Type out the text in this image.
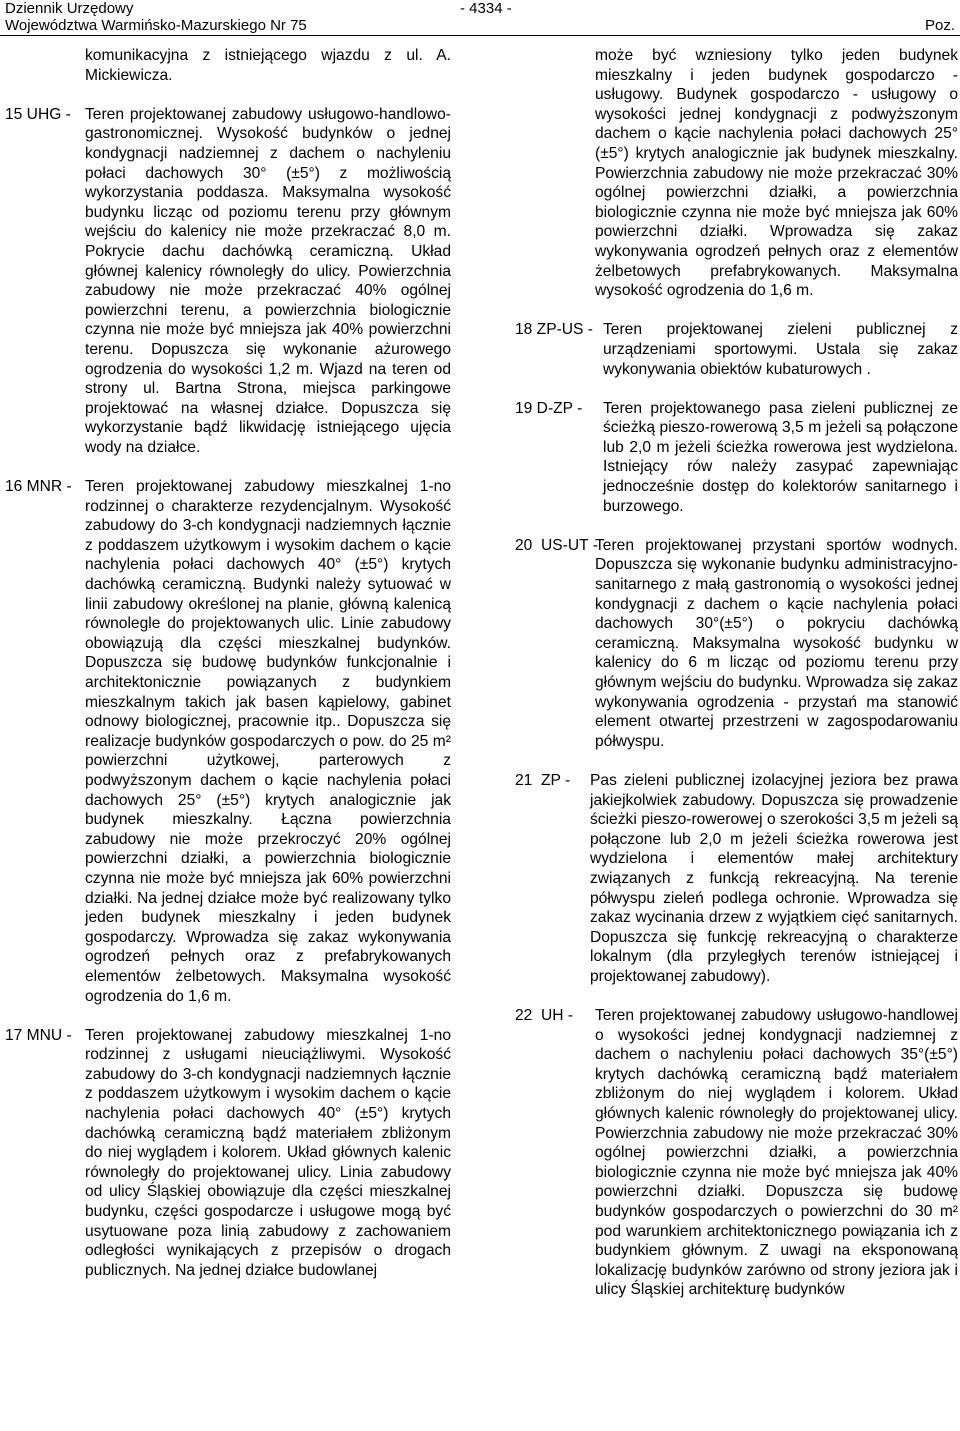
Dziennik Urzędowy
Województwa Warmińsko-Mazurskiego Nr 75
- 4334 -
Poz.
komunikacyjna z istniejącego wjazdu z ul. A. Mickiewicza.
15 UHG - Teren projektowanej zabudowy usługowo-handlowo-gastronomicznej. Wysokość budynków o jednej kondygnacji nadziemnej z dachem o nachyleniu połaci dachowych 30° (±5°) z możliwością wykorzystania poddasza. Maksymalna wysokość budynku licząc od poziomu terenu przy głównym wejściu do kalenicy nie może przekraczać 8,0 m. Pokrycie dachu dachówką ceramiczną. Układ głównej kalenicy równoległy do ulicy. Powierzchnia zabudowy nie może przekraczać 40% ogólnej powierzchni terenu, a powierzchnia biologicznie czynna nie może być mniejsza jak 40% powierzchni terenu. Dopuszcza się wykonanie ażurowego ogrodzenia do wysokości 1,2 m. Wjazd na teren od strony ul. Bartna Strona, miejsca parkingowe projektować na własnej działce. Dopuszcza się wykorzystanie bądź likwidację istniejącego ujęcia wody na działce.
16 MNR - Teren projektowanej zabudowy mieszkalnej 1-no rodzinnej o charakterze rezydencjalnym. Wysokość zabudowy do 3-ch kondygnacji nadziemnych łącznie z poddaszem użytkowym i wysokim dachem o kącie nachylenia połaci dachowych 40° (±5°) krytych dachówką ceramiczną. Budynki należy sytuować w linii zabudowy określonej na planie, główną kalenicą równolegle do projektowanych ulic. Linie zabudowy obowiązują dla części mieszkalnej budynków. Dopuszcza się budowę budynków funkcjonalnie i architektonicznie powiązanych z budynkiem mieszkalnym takich jak basen kąpielowy, gabinet odnowy biologicznej, pracownie itp.. Dopuszcza się realizacje budynków gospodarczych o pow. do 25 m² powierzchni użytkowej, parterowych z podwyższonym dachem o kącie nachylenia połaci dachowych 25° (±5°) krytych analogicznie jak budynek mieszkalny. Łączna powierzchnia zabudowy nie może przekroczyć 20% ogólnej powierzchni działki, a powierzchnia biologicznie czynna nie może być mniejsza jak 60% powierzchni działki. Na jednej działce może być realizowany tylko jeden budynek mieszkalny i jeden budynek gospodarczy. Wprowadza się zakaz wykonywania ogrodzeń pełnych oraz z prefabrykowanych elementów żelbetowych. Maksymalna wysokość ogrodzenia do 1,6 m.
17 MNU - Teren projektowanej zabudowy mieszkalnej 1-no rodzinnej z usługami nieuciążliwymi. Wysokość zabudowy do 3-ch kondygnacji nadziemnych łącznie z poddaszem użytkowym i wysokim dachem o kącie nachylenia połaci dachowych 40° (±5°) krytych dachówką ceramiczną bądź materiałem zbliżonym do niej wyglądem i kolorem. Układ głównych kalenic równoległy do projektowanej ulicy. Linia zabudowy od ulicy Śląskiej obowiązuje dla części mieszkalnej budynku, części gospodarcze i usługowe mogą być usytuowane poza linią zabudowy z zachowaniem odległości wynikających z przepisów o drogach publicznych. Na jednej działce budowlanej
może być wzniesiony tylko jeden budynek mieszkalny i jeden budynek gospodarczo - usługowy. Budynek gospodarczo - usługowy o wysokości jednej kondygnacji z podwyższonym dachem o kącie nachylenia połaci dachowych 25° (±5°) krytych analogicznie jak budynek mieszkalny. Powierzchnia zabudowy nie może przekraczać 30% ogólnej powierzchni działki, a powierzchnia biologicznie czynna nie może być mniejsza jak 60% powierzchni działki. Wprowadza się zakaz wykonywania ogrodzeń pełnych oraz z elementów żelbetowych prefabrykowanych. Maksymalna wysokość ogrodzenia do 1,6 m.
18 ZP-US - Teren projektowanej zieleni publicznej z urządzeniami sportowymi. Ustala się zakaz wykonywania obiektów kubaturowych .
19 D-ZP - Teren projektowanego pasa zieleni publicznej ze ścieżką pieszo-rowerową 3,5 m jeżeli są połączone lub 2,0 m jeżeli ścieżka rowerowa jest wydzielona. Istniejący rów należy zasypać zapewniając jednocześnie dostęp do kolektorów sanitarnego i burzowego.
20  US-UT -
Teren projektowanej przystani sportów wodnych. Dopuszcza się wykonanie budynku administracyjno-sanitarnego z małą gastronomią o wysokości jednej kondygnacji z dachem o kącie nachylenia połaci dachowych 30°(±5°) o pokryciu dachówką ceramiczną. Maksymalna wysokość budynku w kalenicy do 6 m licząc od poziomu terenu przy głównym wejściu do budynku. Wprowadza się zakaz wykonywania ogrodzenia - przystań ma stanowić element otwartej przestrzeni w zagospodarowaniu półwyspu.
21  ZP - Pas zieleni publicznej izolacyjnej jeziora bez prawa jakiejkolwiek zabudowy. Dopuszcza się prowadzenie ścieżki pieszo-rowerowej o szerokości 3,5 m jeżeli są połączone lub 2,0 m jeżeli ścieżka rowerowa jest wydzielona i elementów małej architektury związanych z funkcją rekreacyjną. Na terenie półwyspu zieleń podlega ochronie. Wprowadza się zakaz wycinania drzew z wyjątkiem cięć sanitarnych. Dopuszcza się funkcję rekreacyjną o charakterze lokalnym (dla przyległych terenów istniejącej i projektowanej zabudowy).
22  UH - Teren projektowanej zabudowy usługowo-handlowej o wysokości jednej kondygnacji nadziemnej z dachem o nachyleniu połaci dachowych 35°(±5°) krytych dachówką ceramiczną bądź materiałem zbliżonym do niej wyglądem i kolorem. Układ głównych kalenic równoległy do projektowanej ulicy. Powierzchnia zabudowy nie może przekraczać 30% ogólnej powierzchni działki, a powierzchnia biologicznie czynna nie może być mniejsza jak 40% powierzchni działki. Dopuszcza się budowę budynków gospodarczych o powierzchni do 30 m² pod warunkiem architektonicznego powiązania ich z budynkiem głównym. Z uwagi na eksponowaną lokalizację budynków zarówno od strony jeziora jak i ulicy Śląskiej architekturę budynków
